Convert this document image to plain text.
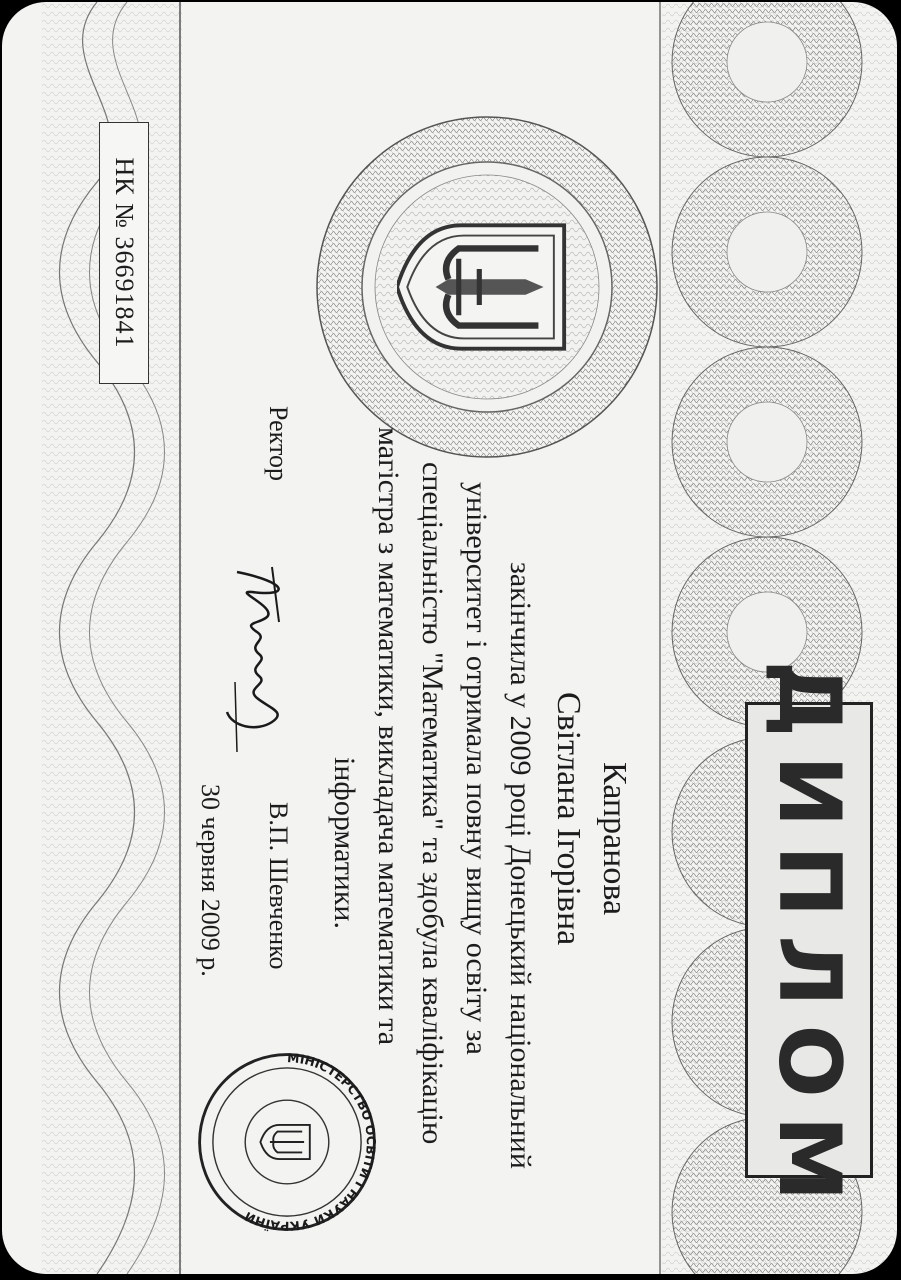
МІНІСТЕРСТВО ОСВІТИ І НАУКИ УКРАЇНИ	ДИПЛОМ
Капранова
Світлана Ігорівна
закінчила у 2009 році Донецький національний
університет і отримала повну вищу освіту за
спеціальністю "Математика" та здобула кваліфікацію
магістра з математики, викладача математики та
інформатики.
Ректор
В.П. Шевченко
30 червня 2009 р.
НК № 36691841
